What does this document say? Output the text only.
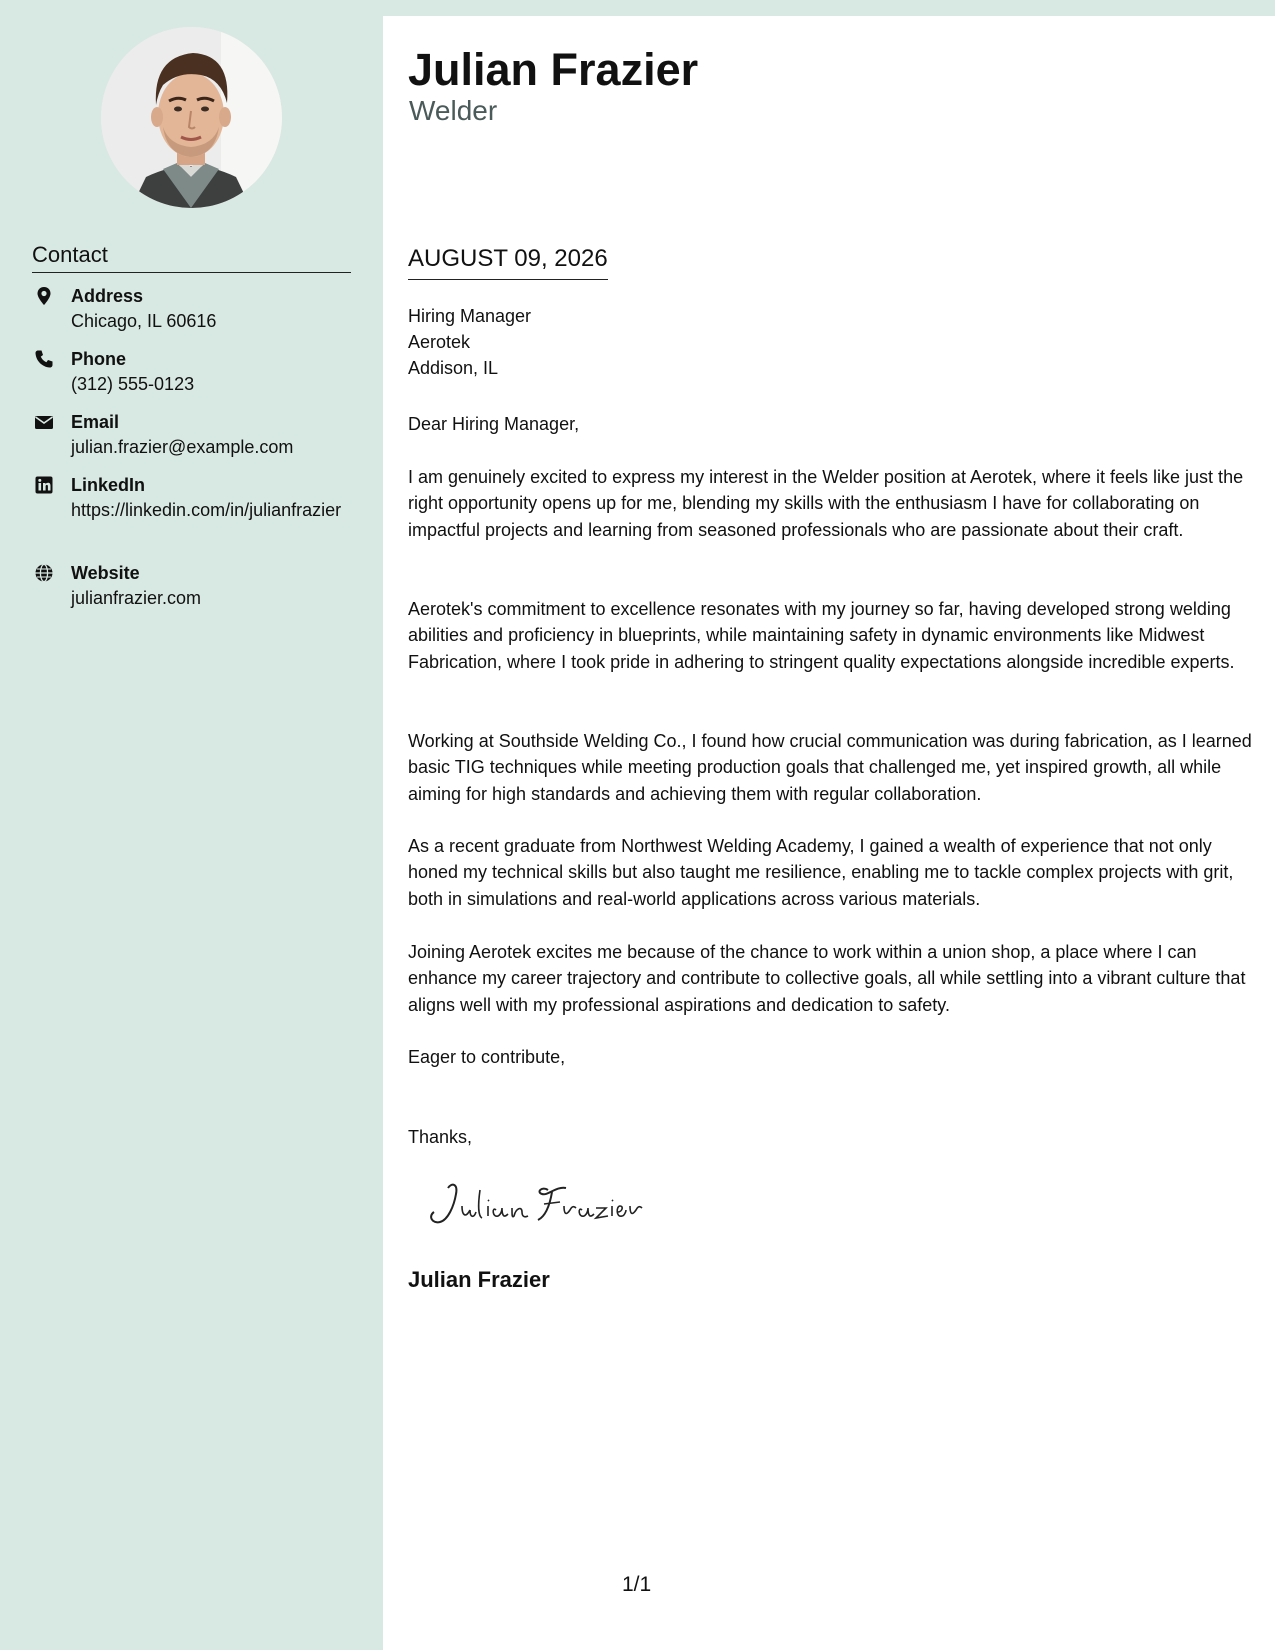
Contact
Address
Chicago, IL 60616
Phone
(312) 555-0123
Email
julian.frazier@example.com
LinkedIn
https://linkedin.com/in/julianfrazier
Website
julianfrazier.com
Julian Frazier
Welder
AUGUST 09, 2026
Hiring Manager
Aerotek
Addison, IL
Dear Hiring Manager,
I am genuinely excited to express my interest in the Welder position at Aerotek, where it feels like just the right opportunity opens up for me, blending my skills with the enthusiasm I have for collaborating on impactful projects and learning from seasoned professionals who are passionate about their craft.
Aerotek's commitment to excellence resonates with my journey so far, having developed strong welding abilities and proficiency in blueprints, while maintaining safety in dynamic environments like Midwest Fabrication, where I took pride in adhering to stringent quality expectations alongside incredible experts.
Working at Southside Welding Co., I found how crucial communication was during fabrication, as I learned basic TIG techniques while meeting production goals that challenged me, yet inspired growth, all while aiming for high standards and achieving them with regular collaboration.
As a recent graduate from Northwest Welding Academy, I gained a wealth of experience that not only honed my technical skills but also taught me resilience, enabling me to tackle complex projects with grit, both in simulations and real-world applications across various materials.
Joining Aerotek excites me because of the chance to work within a union shop, a place where I can enhance my career trajectory and contribute to collective goals, all while settling into a vibrant culture that aligns well with my professional aspirations and dedication to safety.
Eager to contribute,
Thanks,
Julian Frazier
1/1
